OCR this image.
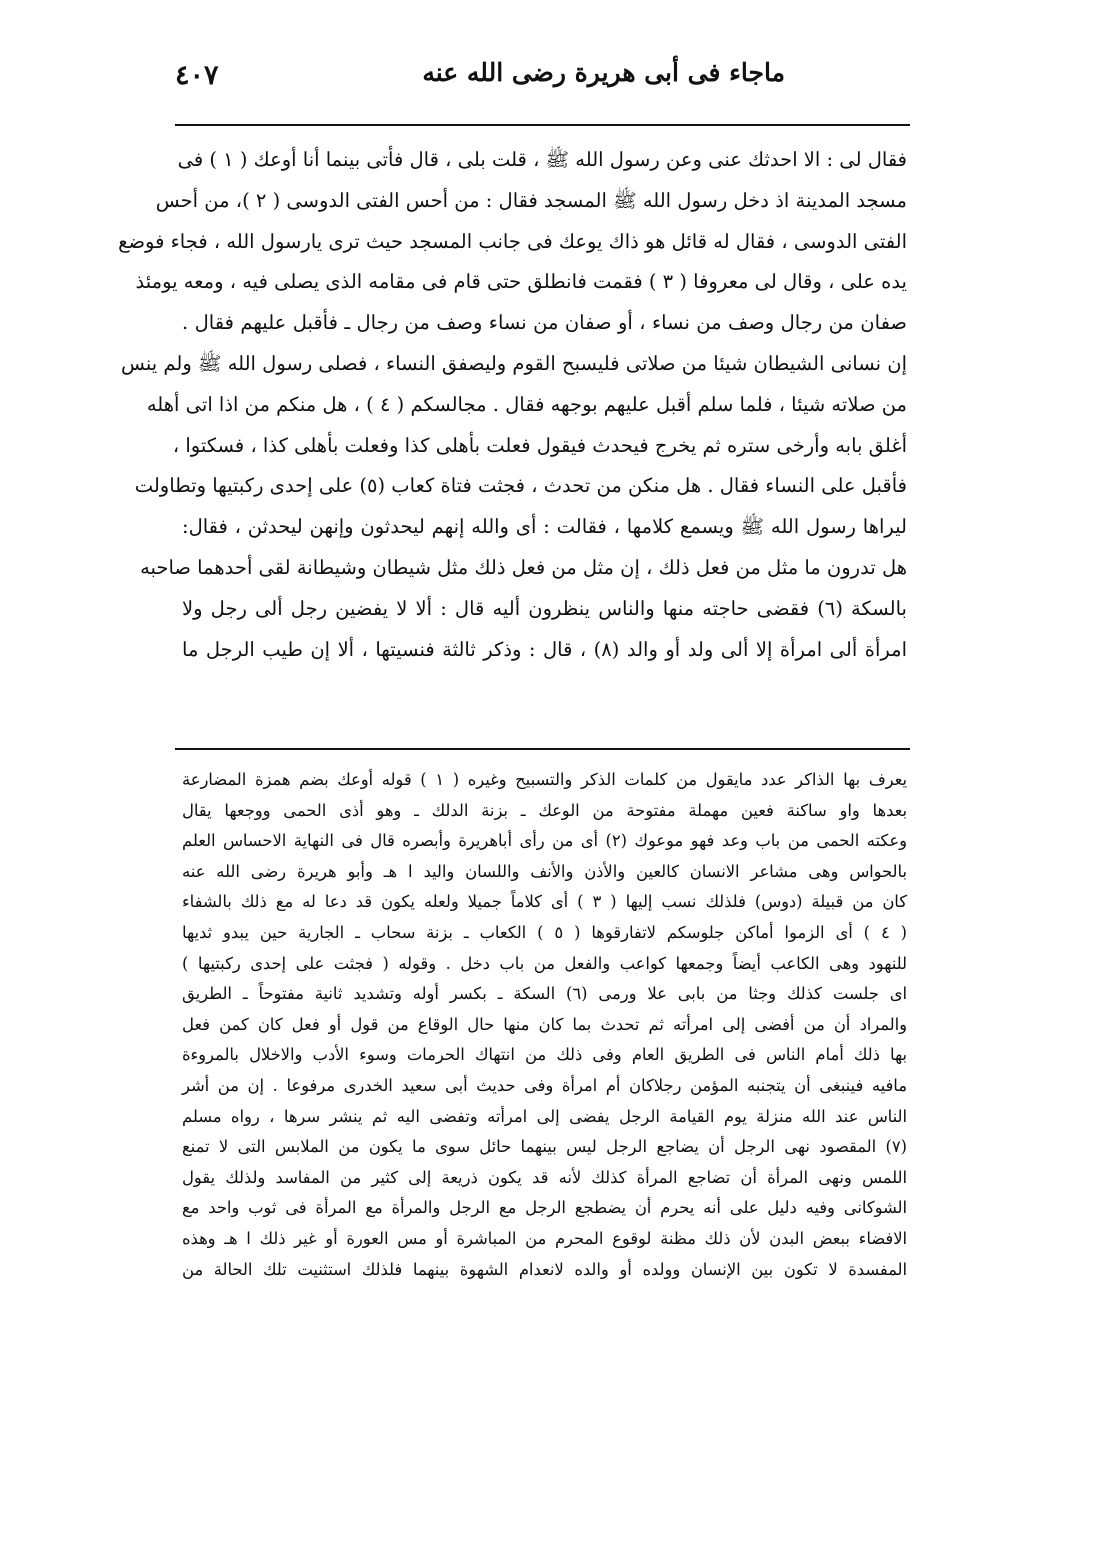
ماجاء فى أبى هريرة رضى الله عنه
٤٠٧
فقال لى : الا احدثك عنى وعن رسول الله ﷺ ، قلت بلى ، قال فأتى بينما أنا أوعك ( ١ ) فى
مسجد المدينة اذ دخل رسول الله ﷺ المسجد فقال : من أحس الفتى الدوسى ( ٢ )، من أحس
الفتى الدوسى ، فقال له قائل هو ذاك يوعك فى جانب المسجد حيث ترى يارسول الله ، فجاء فوضع
يده على ، وقال لى معروفا ( ٣ ) فقمت فانطلق حتى قام فى مقامه الذى يصلى فيه ، ومعه يومئذ
صفان من رجال وصف من نساء ، أو صفان من نساء وصف من رجال ـ فأقبل عليهم فقال .
إن نسانى الشيطان شيئا من صلاتى فليسبح القوم وليصفق النساء ، فصلى رسول الله ﷺ ولم ينس
من صلاته شيئا ، فلما سلم أقبل عليهم بوجهه فقال . مجالسكم ( ٤ ) ، هل منكم من اذا اتى أهله
أغلق بابه وأرخى ستره ثم يخرج فيحدث فيقول فعلت بأهلى كذا وفعلت بأهلى كذا ، فسكتوا ،
فأقبل على النساء فقال . هل منكن من تحدث ، فجثت فتاة كعاب (٥) على إحدى ركبتيها وتطاولت
ليراها رسول الله ﷺ ويسمع كلامها ، فقالت : أى والله إنهم ليحدثون وإنهن ليحدثن ، فقال:
هل تدرون ما مثل من فعل ذلك ، إن مثل من فعل ذلك مثل شيطان وشيطانة لقى أحدهما صاحبه
بالسكة (٦) فقضى حاجته منها والناس ينظرون أليه قال : ألا لا يفضين رجل ألى رجل ولا
امرأة ألى امرأة إلا ألى ولد أو والد (٨) ، قال : وذكر ثالثة فنسيتها ، ألا إن طيب الرجل ما
يعرف بها الذاكر عدد مايقول من كلمات الذكر والتسبيح وغيره ( ١ ) قوله أوعك بضم همزة المضارعة
بعدها واو ساكنة فعين مهملة مفتوحة من الوعك ـ بزنة الدلك ـ وهو أذى الحمى ووجعها يقال
وعكته الحمى من باب وعد فهو موعوك (٢) أى من رأى أباهريرة وأبصره قال فى النهاية الاحساس العلم
بالحواس وهى مشاعر الانسان كالعين والأذن والأنف واللسان واليد ا هـ وأبو هريرة رضى الله عنه
كان من قبيلة (دوس) فلذلك نسب إليها ( ٣ ) أى كلاماً جميلا ولعله يكون قد دعا له مع ذلك بالشفاء
( ٤ ) أى الزموا أماكن جلوسكم لاتفارقوها ( ٥ ) الكعاب ـ بزنة سحاب ـ الجارية حين يبدو ثديها
للنهود وهى الكاعب أيضاً وجمعها كواعب والفعل من باب دخل . وقوله ( فجثت على إحدى ركبتيها )
اى جلست كذلك وجثا من بابى علا ورمى (٦) السكة ـ بكسر أوله وتشديد ثانية مفتوحاً ـ الطريق
والمراد أن من أفضى إلى امرأته ثم تحدث بما كان منها حال الوقاع من قول أو فعل كان كمن فعل
بها ذلك أمام الناس فى الطريق العام وفى ذلك من انتهاك الحرمات وسوء الأدب والاخلال بالمروءة
مافيه فينبغى أن يتجنبه المؤمن رجلاكان أم امرأة وفى حديث أبى سعيد الخدرى مرفوعا . إن من أشر
الناس عند الله منزلة يوم القيامة الرجل يفضى إلى امرأته وتفضى اليه ثم ينشر سرها ، رواه مسلم
(٧) المقصود نهى الرجل أن يضاجع الرجل ليس بينهما حائل سوى ما يكون من الملابس التى لا تمنع
اللمس ونهى المرأة أن تضاجع المرأة كذلك لأنه قد يكون ذريعة إلى كثير من المفاسد ولذلك يقول
الشوكانى وفيه دليل على أنه يحرم أن يضطجع الرجل مع الرجل والمرأة مع المرأة فى ثوب واحد مع
الافضاء ببعض البدن لأن ذلك مظنة لوقوع المحرم من المباشرة أو مس العورة أو غير ذلك ا هـ وهذه
المفسدة لا تكون بين الإنسان وولده أو والده لانعدام الشهوة بينهما فلذلك استثنيت تلك الحالة من
